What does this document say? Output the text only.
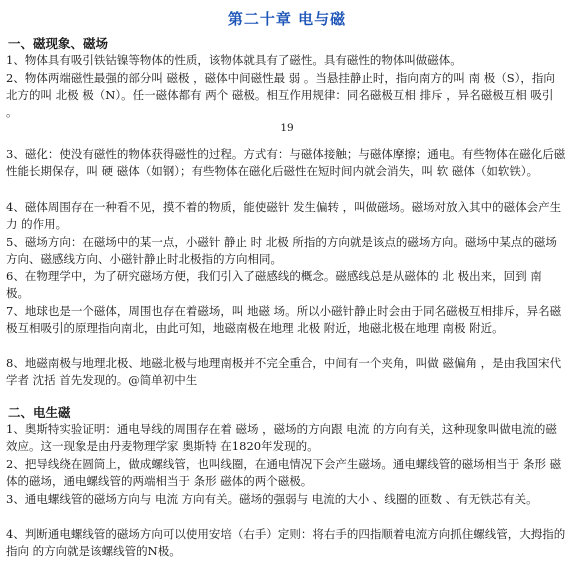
第二十章 电与磁
一、磁现象、磁场

1、物体具有吸引铁钴镍等物体的性质，该物体就具有了磁性。具有磁性的物体叫做磁体。

2、物体两端磁性最强的部分叫 磁极 ，磁体中间磁性最 弱 。当悬挂静止时，指向南方的叫 南 极（S），指向北方的叫 北极 极（N）。任一磁体都有 两个 磁极。相互作用规律：同名磁极互相 排斥 ，异名磁极互相 吸引 。

19

3、磁化：使没有磁性的物体获得磁性的过程。方式有：与磁体接触；与磁体摩擦；通电。有些物体在磁化后磁性能长期保存，叫 硬 磁体（如钢）；有些物体在磁化后磁性在短时间内就会消失，叫 软 磁体（如软铁）。

4、磁体周围存在一种看不见，摸不着的物质，能使磁针 发生偏转 ，叫做磁场。磁场对放入其中的磁体会产生 力 的作用。

5、磁场方向：在磁场中的某一点，小磁针 静止 时 北极 所指的方向就是该点的磁场方向。磁场中某点的磁场方向、磁感线方向、小磁针静止时北极指的方向相同。

6、在物理学中，为了研究磁场方便，我们引入了磁感线的概念。磁感线总是从磁体的 北 极出来，回到 南 极。

7、地球也是一个磁体，周围也存在着磁场，叫 地磁 场。所以小磁针静止时会由于同名磁极互相排斥，异名磁极互相吸引的原理指向南北，由此可知，地磁南极在地理 北极 附近，地磁北极在地理 南极 附近。

8、地磁南极与地理北极、地磁北极与地理南极并不完全重合，中间有一个夹角，叫做 磁偏角 ，是由我国宋代学者 沈括 首先发现的。@简单初中生

二、电生磁

1、奥斯特实验证明：通电导线的周围存在着 磁场 ，磁场的方向跟 电流 的方向有关，这种现象叫做电流的磁效应。这一现象是由丹麦物理学家 奥斯特 在1820年发现的。

2、把导线绕在圆筒上，做成螺线管，也叫线圈，在通电情况下会产生磁场。通电螺线管的磁场相当于 条形 磁体的磁场，通电螺线管的两端相当于 条形 磁体的两个磁极。

3、通电螺线管的磁场方向与 电流 方向有关。磁场的强弱与 电流的大小 、线圈的匝数 、有无铁芯有关。

4、判断通电螺线管的磁场方向可以使用安培（右手）定则：将右手的四指顺着电流方向抓住螺线管，大拇指的指向 的方向就是该螺线管的N极。
